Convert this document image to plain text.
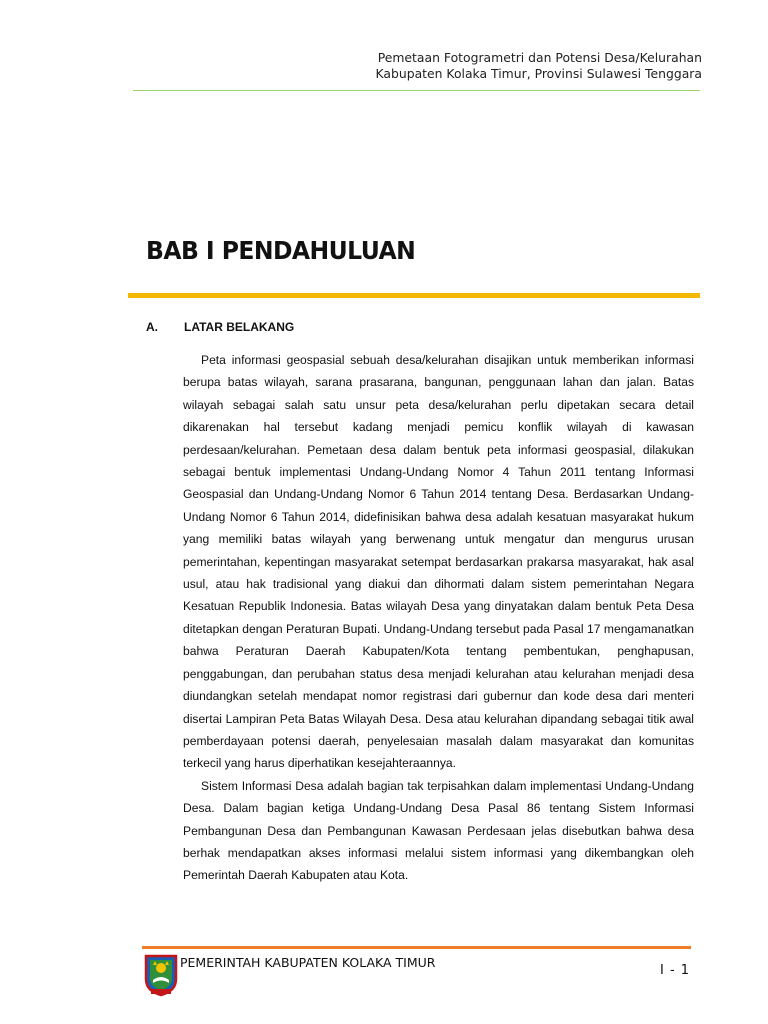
Pemetaan Fotogrametri dan Potensi Desa/Kelurahan
Kabupaten Kolaka Timur, Provinsi Sulawesi Tenggara
BAB I PENDAHULUAN
A. LATAR BELAKANG

Peta informasi geospasial sebuah desa/kelurahan disajikan untuk memberikan informasi berupa batas wilayah, sarana prasarana, bangunan, penggunaan lahan dan jalan. Batas wilayah sebagai salah satu unsur peta desa/kelurahan perlu dipetakan secara detail dikarenakan hal tersebut kadang menjadi pemicu konflik wilayah di kawasan perdesaan/kelurahan. Pemetaan desa dalam bentuk peta informasi geospasial, dilakukan sebagai bentuk implementasi Undang-Undang Nomor 4 Tahun 2011 tentang Informasi Geospasial dan Undang-Undang Nomor 6 Tahun 2014 tentang Desa. Berdasarkan Undang-Undang Nomor 6 Tahun 2014, didefinisikan bahwa desa adalah kesatuan masyarakat hukum yang memiliki batas wilayah yang berwenang untuk mengatur dan mengurus urusan pemerintahan, kepentingan masyarakat setempat berdasarkan prakarsa masyarakat, hak asal usul, atau hak tradisional yang diakui dan dihormati dalam sistem pemerintahan Negara Kesatuan Republik Indonesia. Batas wilayah Desa yang dinyatakan dalam bentuk Peta Desa ditetapkan dengan Peraturan Bupati. Undang-Undang tersebut pada Pasal 17 mengamanatkan bahwa Peraturan Daerah Kabupaten/Kota tentang pembentukan, penghapusan, penggabungan, dan perubahan status desa menjadi kelurahan atau kelurahan menjadi desa diundangkan setelah mendapat nomor registrasi dari gubernur dan kode desa dari menteri disertai Lampiran Peta Batas Wilayah Desa. Desa atau kelurahan dipandang sebagai titik awal pemberdayaan potensi daerah, penyelesaian masalah dalam masyarakat dan komunitas terkecil yang harus diperhatikan kesejahteraannya.

Sistem Informasi Desa adalah bagian tak terpisahkan dalam implementasi Undang-Undang Desa. Dalam bagian ketiga Undang-Undang Desa Pasal 86 tentang Sistem Informasi Pembangunan Desa dan Pembangunan Kawasan Perdesaan jelas disebutkan bahwa desa berhak mendapatkan akses informasi melalui sistem informasi yang dikembangkan oleh Pemerintah Daerah Kabupaten atau Kota.

PEMERINTAH KABUPATEN KOLAKA TIMUR
I - 1
